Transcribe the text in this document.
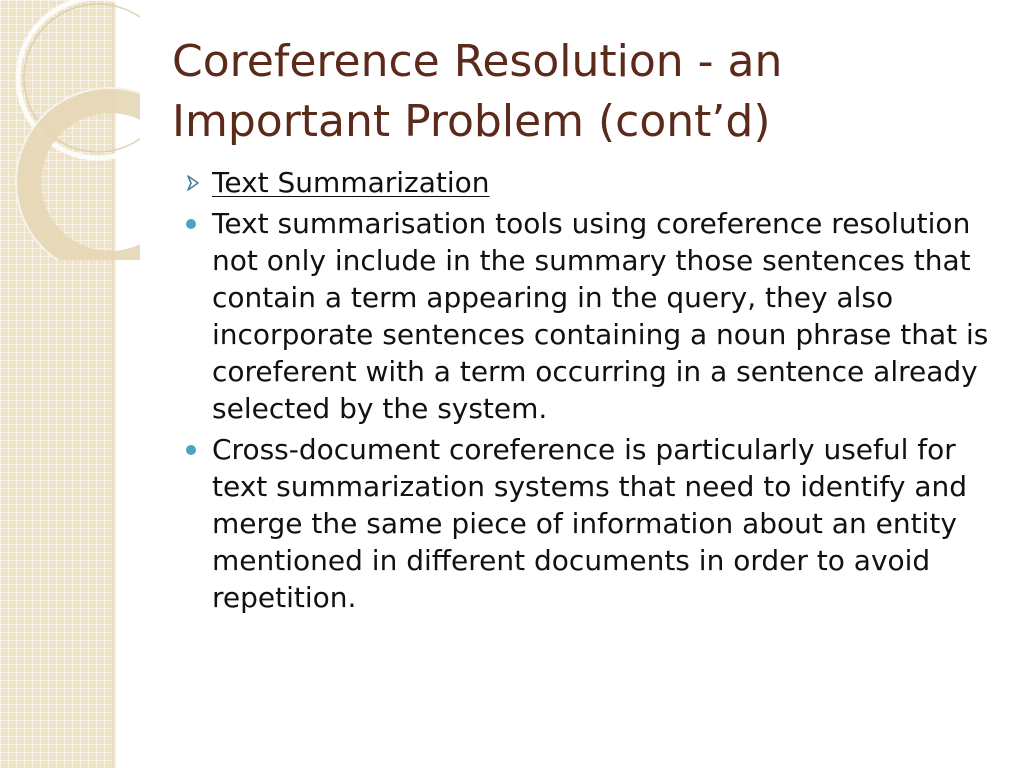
Coreference Resolution - an Important Problem (cont’d)
Text Summarization
Text summarisation tools using coreference resolution not only include in the summary those sentences that contain a term appearing in the query, they also incorporate sentences containing a noun phrase that is coreferent with a term occurring in a sentence already selected by the system.
Cross-document coreference is particularly useful for text summarization systems that need to identify and merge the same piece of information about an entity mentioned in different documents in order to avoid repetition.
